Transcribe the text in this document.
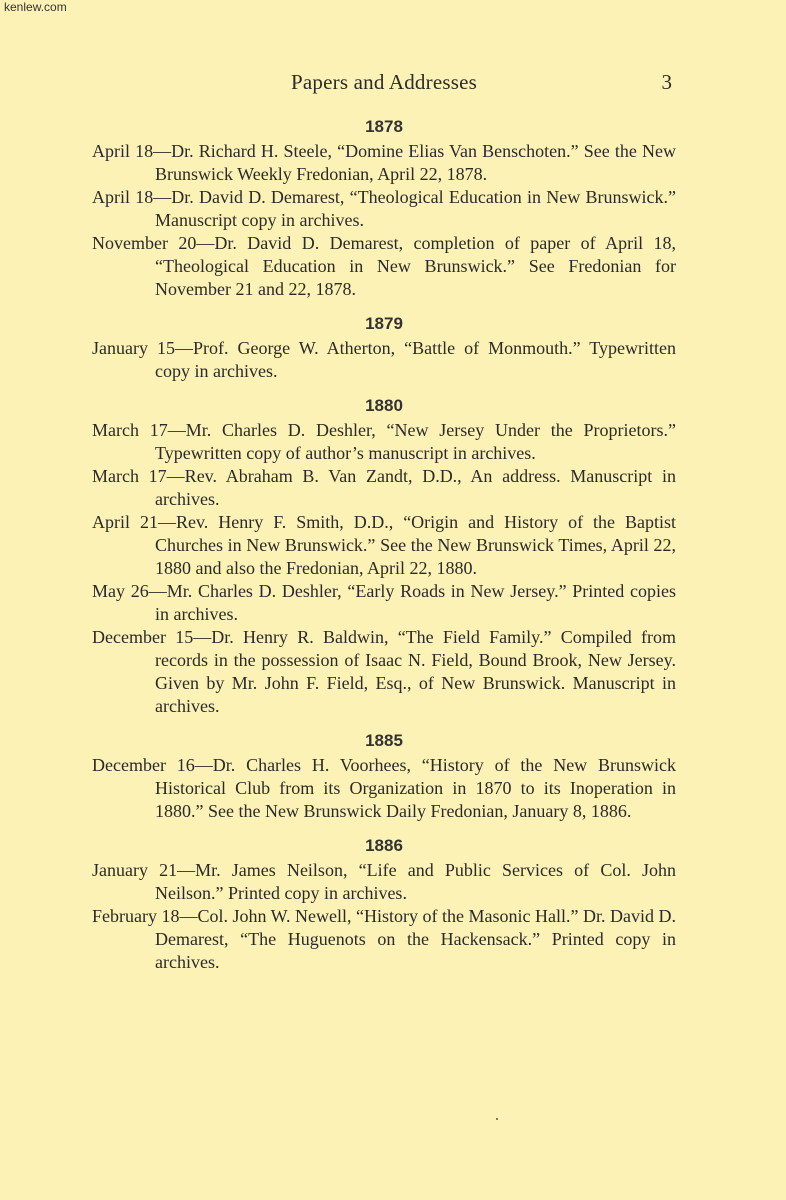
kenlew.com
Papers and Addresses	3
1878

April 18—Dr. Richard H. Steele, “Domine Elias Van Benschoten.” See the New Brunswick Weekly Fredonian, April 22, 1878.

April 18—Dr. David D. Demarest, “Theological Education in New Brunswick.” Manuscript copy in archives.

November 20—Dr. David D. Demarest, completion of paper of April 18, “Theological Education in New Brunswick.” See Fredonian for November 21 and 22, 1878.

1879

January 15—Prof. George W. Atherton, “Battle of Monmouth.” Typewritten copy in archives.

1880

March 17—Mr. Charles D. Deshler, “New Jersey Under the Proprietors.” Typewritten copy of author’s manuscript in archives.

March 17—Rev. Abraham B. Van Zandt, D.D., An address. Manuscript in archives.

April 21—Rev. Henry F. Smith, D.D., “Origin and History of the Baptist Churches in New Brunswick.” See the New Brunswick Times, April 22, 1880 and also the Fredonian, April 22, 1880.

May 26—Mr. Charles D. Deshler, “Early Roads in New Jersey.” Printed copies in archives.

December 15—Dr. Henry R. Baldwin, “The Field Family.” Compiled from records in the possession of Isaac N. Field, Bound Brook, New Jersey. Given by Mr. John F. Field, Esq., of New Brunswick. Manuscript in archives.

1885

December 16—Dr. Charles H. Voorhees, “History of the New Brunswick Historical Club from its Organization in 1870 to its Inoperation in 1880.” See the New Brunswick Daily Fredonian, January 8, 1886.

1886

January 21—Mr. James Neilson, “Life and Public Services of Col. John Neilson.” Printed copy in archives.

February 18—Col. John W. Newell, “History of the Masonic Hall.” Dr. David D. Demarest, “The Huguenots on the Hackensack.” Printed copy in archives.
